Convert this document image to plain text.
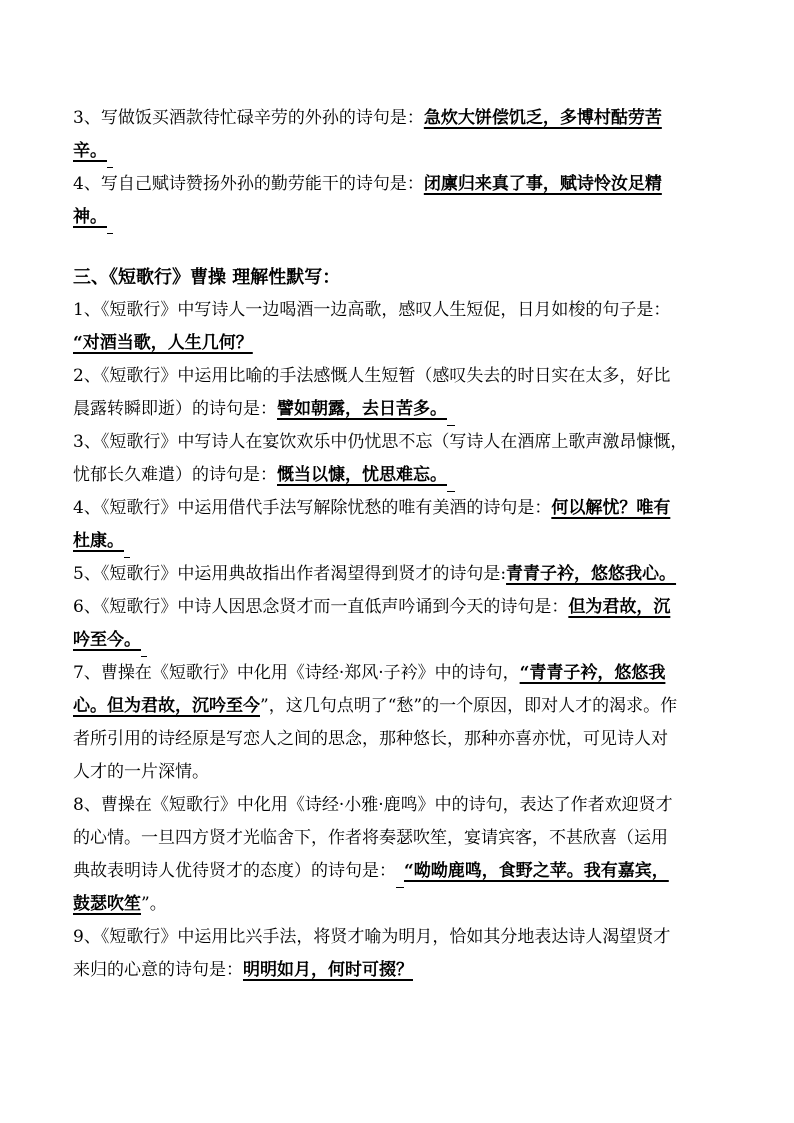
3、写做饭买酒款待忙碌辛劳的外孙的诗句是：急炊大饼偿饥乏，多博村酤劳苦
辛。
4、写自己赋诗赞扬外孙的勤劳能干的诗句是：闭廪归来真了事，赋诗怜汝足精
神。
三、《短歌行》曹操 理解性默写：
1、《短歌行》中写诗人一边喝酒一边高歌，感叹人生短促，日月如梭的句子是：
“对酒当歌，人生几何？
2、《短歌行》中运用比喻的手法感慨人生短暂（感叹失去的时日实在太多，好比
晨露转瞬即逝）的诗句是：譬如朝露，去日苦多。
3、《短歌行》中写诗人在宴饮欢乐中仍忧思不忘（写诗人在酒席上歌声激昂慷慨，
忧郁长久难遣）的诗句是：慨当以慷，忧思难忘。
4、《短歌行》中运用借代手法写解除忧愁的唯有美酒的诗句是：何以解忧？唯有
杜康。
5、《短歌行》中运用典故指出作者渴望得到贤才的诗句是:青青子衿，悠悠我心。
6、《短歌行》中诗人因思念贤才而一直低声吟诵到今天的诗句是：但为君故，沉
吟至今。
7、曹操在《短歌行》中化用《诗经·郑风·子衿》中的诗句，“青青子衿，悠悠我
心。但为君故，沉吟至今”，这几句点明了“愁”的一个原因，即对人才的渴求。作
者所引用的诗经原是写恋人之间的思念，那种悠长，那种亦喜亦忧，可见诗人对
人才的一片深情。
8、曹操在《短歌行》中化用《诗经·小雅·鹿鸣》中的诗句，表达了作者欢迎贤才
的心情。一旦四方贤才光临舍下，作者将奏瑟吹笙，宴请宾客，不甚欣喜（运用
典故表明诗人优待贤才的态度）的诗句是： “呦呦鹿鸣，食野之苹。我有嘉宾，
鼓瑟吹笙”。
9、《短歌行》中运用比兴手法，将贤才喻为明月，恰如其分地表达诗人渴望贤才
来归的心意的诗句是：明明如月，何时可掇？
